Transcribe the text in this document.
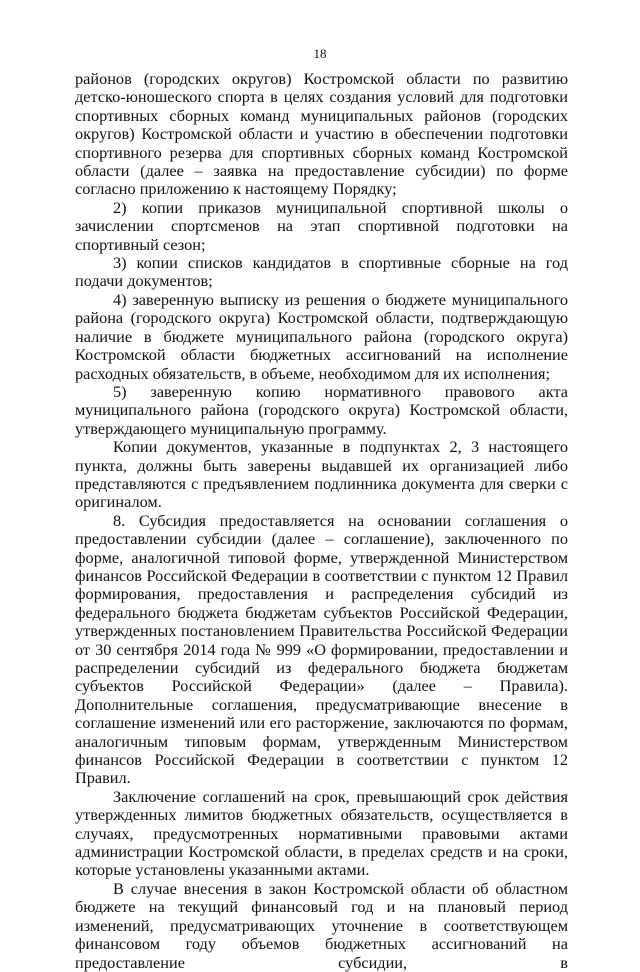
18

районов (городских округов) Костромской области по развитию детско-юношеского спорта в целях создания условий для подготовки спортивных сборных команд муниципальных районов (городских округов) Костромской области и участию в обеспечении подготовки спортивного резерва для спортивных сборных команд Костромской области (далее – заявка на предоставление субсидии) по форме согласно приложению к настоящему Порядку;

2) копии приказов муниципальной спортивной школы о зачислении спортсменов на этап спортивной подготовки на спортивный сезон;

3) копии списков кандидатов в спортивные сборные на год подачи документов;

4) заверенную выписку из решения о бюджете муниципального района (городского округа) Костромской области, подтверждающую наличие в бюджете муниципального района (городского округа) Костромской области бюджетных ассигнований на исполнение расходных обязательств, в объеме, необходимом для их исполнения;

5) заверенную копию нормативного правового акта муниципального района (городского округа) Костромской области, утверждающего муниципальную программу.

Копии документов, указанные в подпунктах 2, 3 настоящего пункта, должны быть заверены выдавшей их организацией либо представляются с предъявлением подлинника документа для сверки с оригиналом.

8. Субсидия предоставляется на основании соглашения о предоставлении субсидии (далее – соглашение), заключенного по форме, аналогичной типовой форме, утвержденной Министерством финансов Российской Федерации в соответствии с пунктом 12 Правил формирования, предоставления и распределения субсидий из федерального бюджета бюджетам субъектов Российской Федерации, утвержденных постановлением Правительства Российской Федерации от 30 сентября 2014 года № 999 «О формировании, предоставлении и распределении субсидий из федерального бюджета бюджетам субъектов Российской Федерации» (далее – Правила). Дополнительные соглашения, предусматривающие внесение в соглашение изменений или его расторжение, заключаются по формам, аналогичным типовым формам, утвержденным Министерством финансов Российской Федерации в соответствии с пунктом 12 Правил.

Заключение соглашений на срок, превышающий срок действия утвержденных лимитов бюджетных обязательств, осуществляется в случаях, предусмотренных нормативными правовыми актами администрации Костромской области, в пределах средств и на сроки, которые установлены указанными актами.

В случае внесения в закон Костромской области об областном бюджете на текущий финансовый год и на плановый период изменений, предусматривающих уточнение в соответствующем финансовом году объемов бюджетных ассигнований на предоставление субсидии, в
